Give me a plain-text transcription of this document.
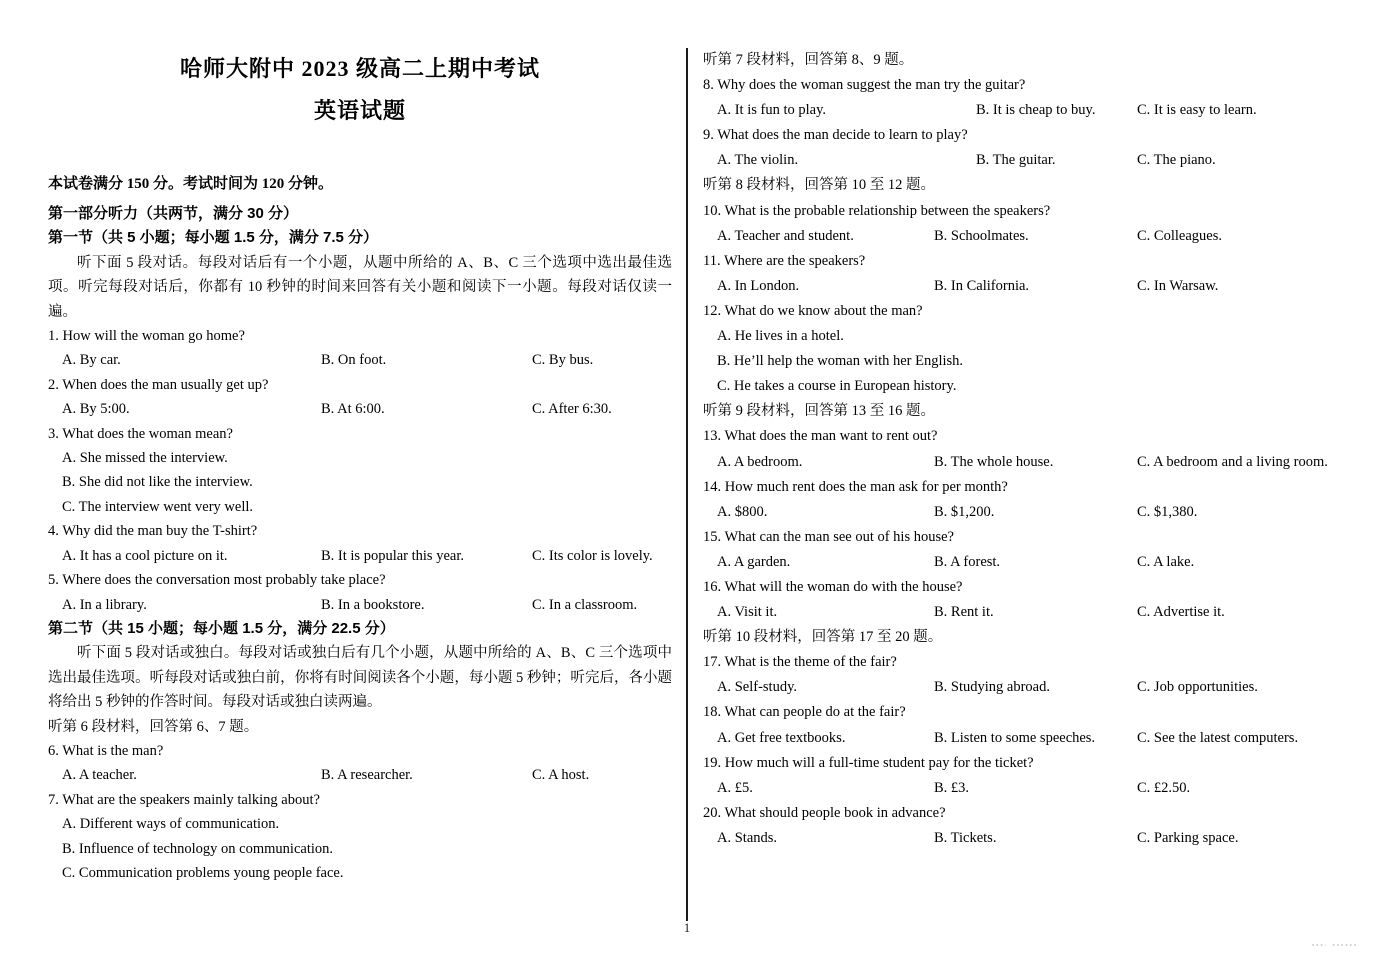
哈师大附中 2023 级高二上期中考试
英语试题
本试卷满分 150 分。考试时间为 120 分钟。
第一部分听力（共两节，满分 30 分）
第一节（共 5 小题；每小题 1.5 分，满分 7.5 分）
听下面 5 段对话。每段对话后有一个小题，从题中所给的 A、B、C 三个选项中选出最佳选项。听完每段对话后，你都有 10 秒钟的时间来回答有关小题和阅读下一小题。每段对话仅读一遍。
1. How will the woman go home?
A. By car.	B. On foot.	C. By bus.
2. When does the man usually get up?
A. By 5:00.	B. At 6:00.	C. After 6:30.
3. What does the woman mean?
A. She missed the interview.
B. She did not like the interview.
C. The interview went very well.
4. Why did the man buy the T-shirt?
A. It has a cool picture on it.	B. It is popular this year.	C. Its color is lovely.
5. Where does the conversation most probably take place?
A. In a library.	B. In a bookstore.	C. In a classroom.
第二节（共 15 小题；每小题 1.5 分，满分 22.5 分）
听下面 5 段对话或独白。每段对话或独白后有几个小题，从题中所给的 A、B、C 三个选项中选出最佳选项。听每段对话或独白前，你将有时间阅读各个小题，每小题 5 秒钟；听完后，各小题将给出 5 秒钟的作答时间。每段对话或独白读两遍。
听第 6 段材料，回答第 6、7 题。
6. What is the man?
A. A teacher.	B. A researcher.	C. A host.
7. What are the speakers mainly talking about?
A. Different ways of communication.
B. Influence of technology on communication.
C. Communication problems young people face.
听第 7 段材料，回答第 8、9 题。
8. Why does the woman suggest the man try the guitar?
A. It is fun to play.	B. It is cheap to buy.	C. It is easy to learn.
9. What does the man decide to learn to play?
A. The violin.	B. The guitar.	C. The piano.
听第 8 段材料，回答第 10 至 12 题。
10. What is the probable relationship between the speakers?
A. Teacher and student.	B. Schoolmates.	C. Colleagues.
11. Where are the speakers?
A. In London.	B. In California.	C. In Warsaw.
12. What do we know about the man?
A. He lives in a hotel.
B. He’ll help the woman with her English.
C. He takes a course in European history.
听第 9 段材料，回答第 13 至 16 题。
13. What does the man want to rent out?
A. A bedroom.	B. The whole house.	C. A bedroom and a living room.
14. How much rent does the man ask for per month?
A. $800.	B. $1,200.	C. $1,380.
15. What can the man see out of his house?
A. A garden.	B. A forest.	C. A lake.
16. What will the woman do with the house?
A. Visit it.	B. Rent it.	C. Advertise it.
听第 10 段材料，回答第 17 至 20 题。
17. What is the theme of the fair?
A. Self-study.	B. Studying abroad.	C. Job opportunities.
18. What can people do at the fair?
A. Get free textbooks.	B. Listen to some speeches.	C. See the latest computers.
19. How much will a full-time student pay for the ticket?
A. £5.	B. £3.	C. £2.50.
20. What should people book in advance?
A. Stands.	B. Tickets.	C. Parking space.
1
•••· ••••••
